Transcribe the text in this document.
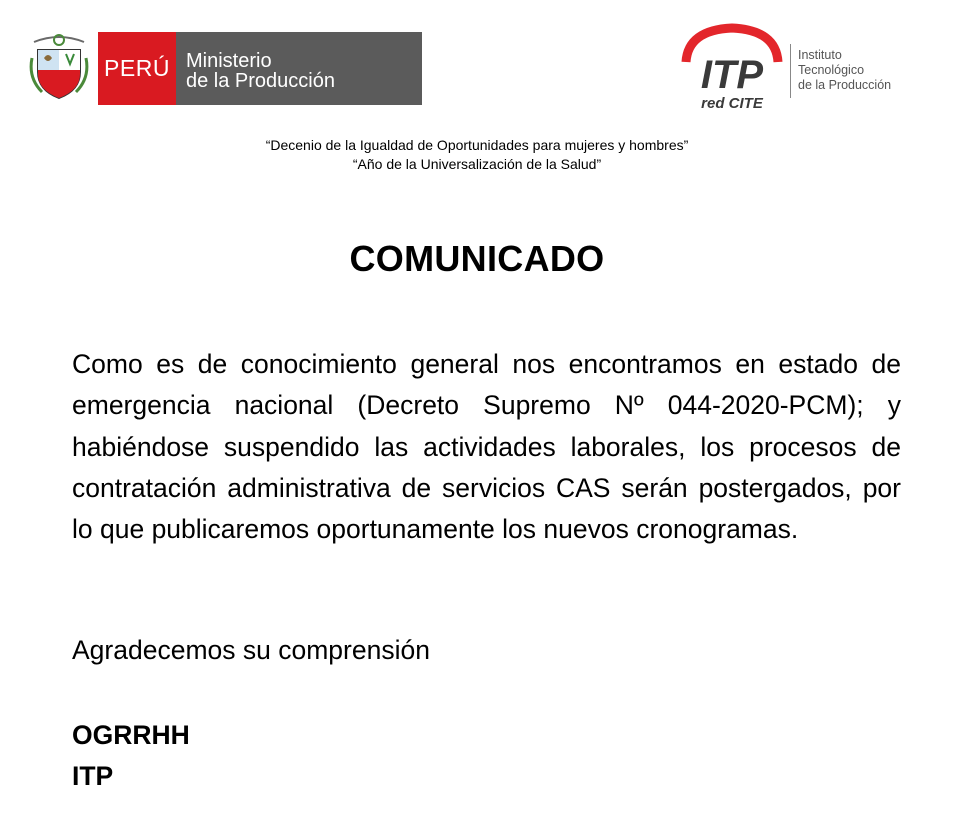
PERÚ Ministerio
de la Producción	ITP
red CITE
Instituto
Tecnológico
de la Producción
“Decenio de la Igualdad de Oportunidades para mujeres y hombres”
“Año de la Universalización de la Salud”
COMUNICADO
Como es de conocimiento general nos encontramos en estado de emergencia nacional (Decreto Supremo Nº 044-2020-PCM); y habiéndose suspendido las actividades laborales, los procesos de contratación administrativa de servicios CAS serán postergados, por lo que publicaremos oportunamente los nuevos cronogramas.
Agradecemos su comprensión
OGRRHH
ITP
